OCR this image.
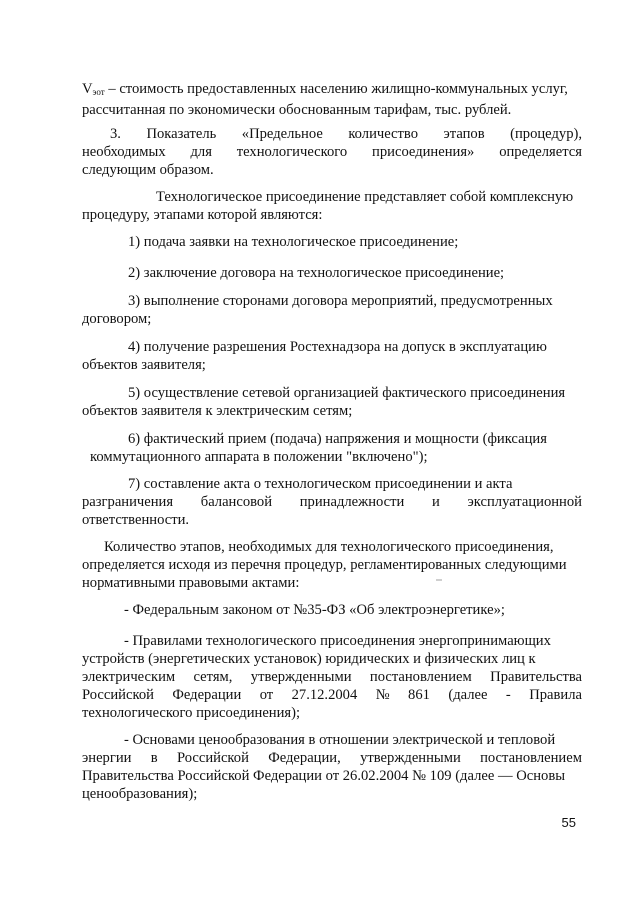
$V_{эот}$ – стоимость предоставленных населению жилищно-коммунальных услуг,
рассчитанная по экономически обоснованным тарифам, тыс. рублей.
3. Показатель «Предельное количество этапов (процедур),
необходимых для технологического присоединения» определяется
следующим образом.
Технологическое присоединение представляет собой комплексную
процедуру, этапами которой являются:
1) подача заявки на технологическое присоединение;
2) заключение договора на технологическое присоединение;
3) выполнение сторонами договора мероприятий, предусмотренных
договором;
4) получение разрешения Ростехнадзора на допуск в эксплуатацию
объектов заявителя;
5) осуществление сетевой организацией фактического присоединения
объектов заявителя к электрическим сетям;
6) фактический прием (подача) напряжения и мощности (фиксация
коммутационного аппарата в положении "включено");
7) составление акта о технологическом присоединении и акта
разграничения балансовой принадлежности и эксплуатационной
ответственности.
Количество этапов, необходимых для технологического присоединения,
определяется исходя из перечня процедур, регламентированных следующими
нормативными правовыми актами:
- Федеральным законом от №35-ФЗ «Об электроэнергетике»;
- Правилами технологического присоединения энергопринимающих
устройств (энергетических установок) юридических и физических лиц к
электрическим сетям, утвержденными постановлением Правительства
Российской Федерации от 27.12.2004 № 861 (далее - Правила
технологического присоединения);
- Основами ценообразования в отношении электрической и тепловой
энергии в Российской Федерации, утвержденными постановлением
Правительства Российской Федерации от 26.02.2004 № 109 (далее — Основы
ценообразования);
55
